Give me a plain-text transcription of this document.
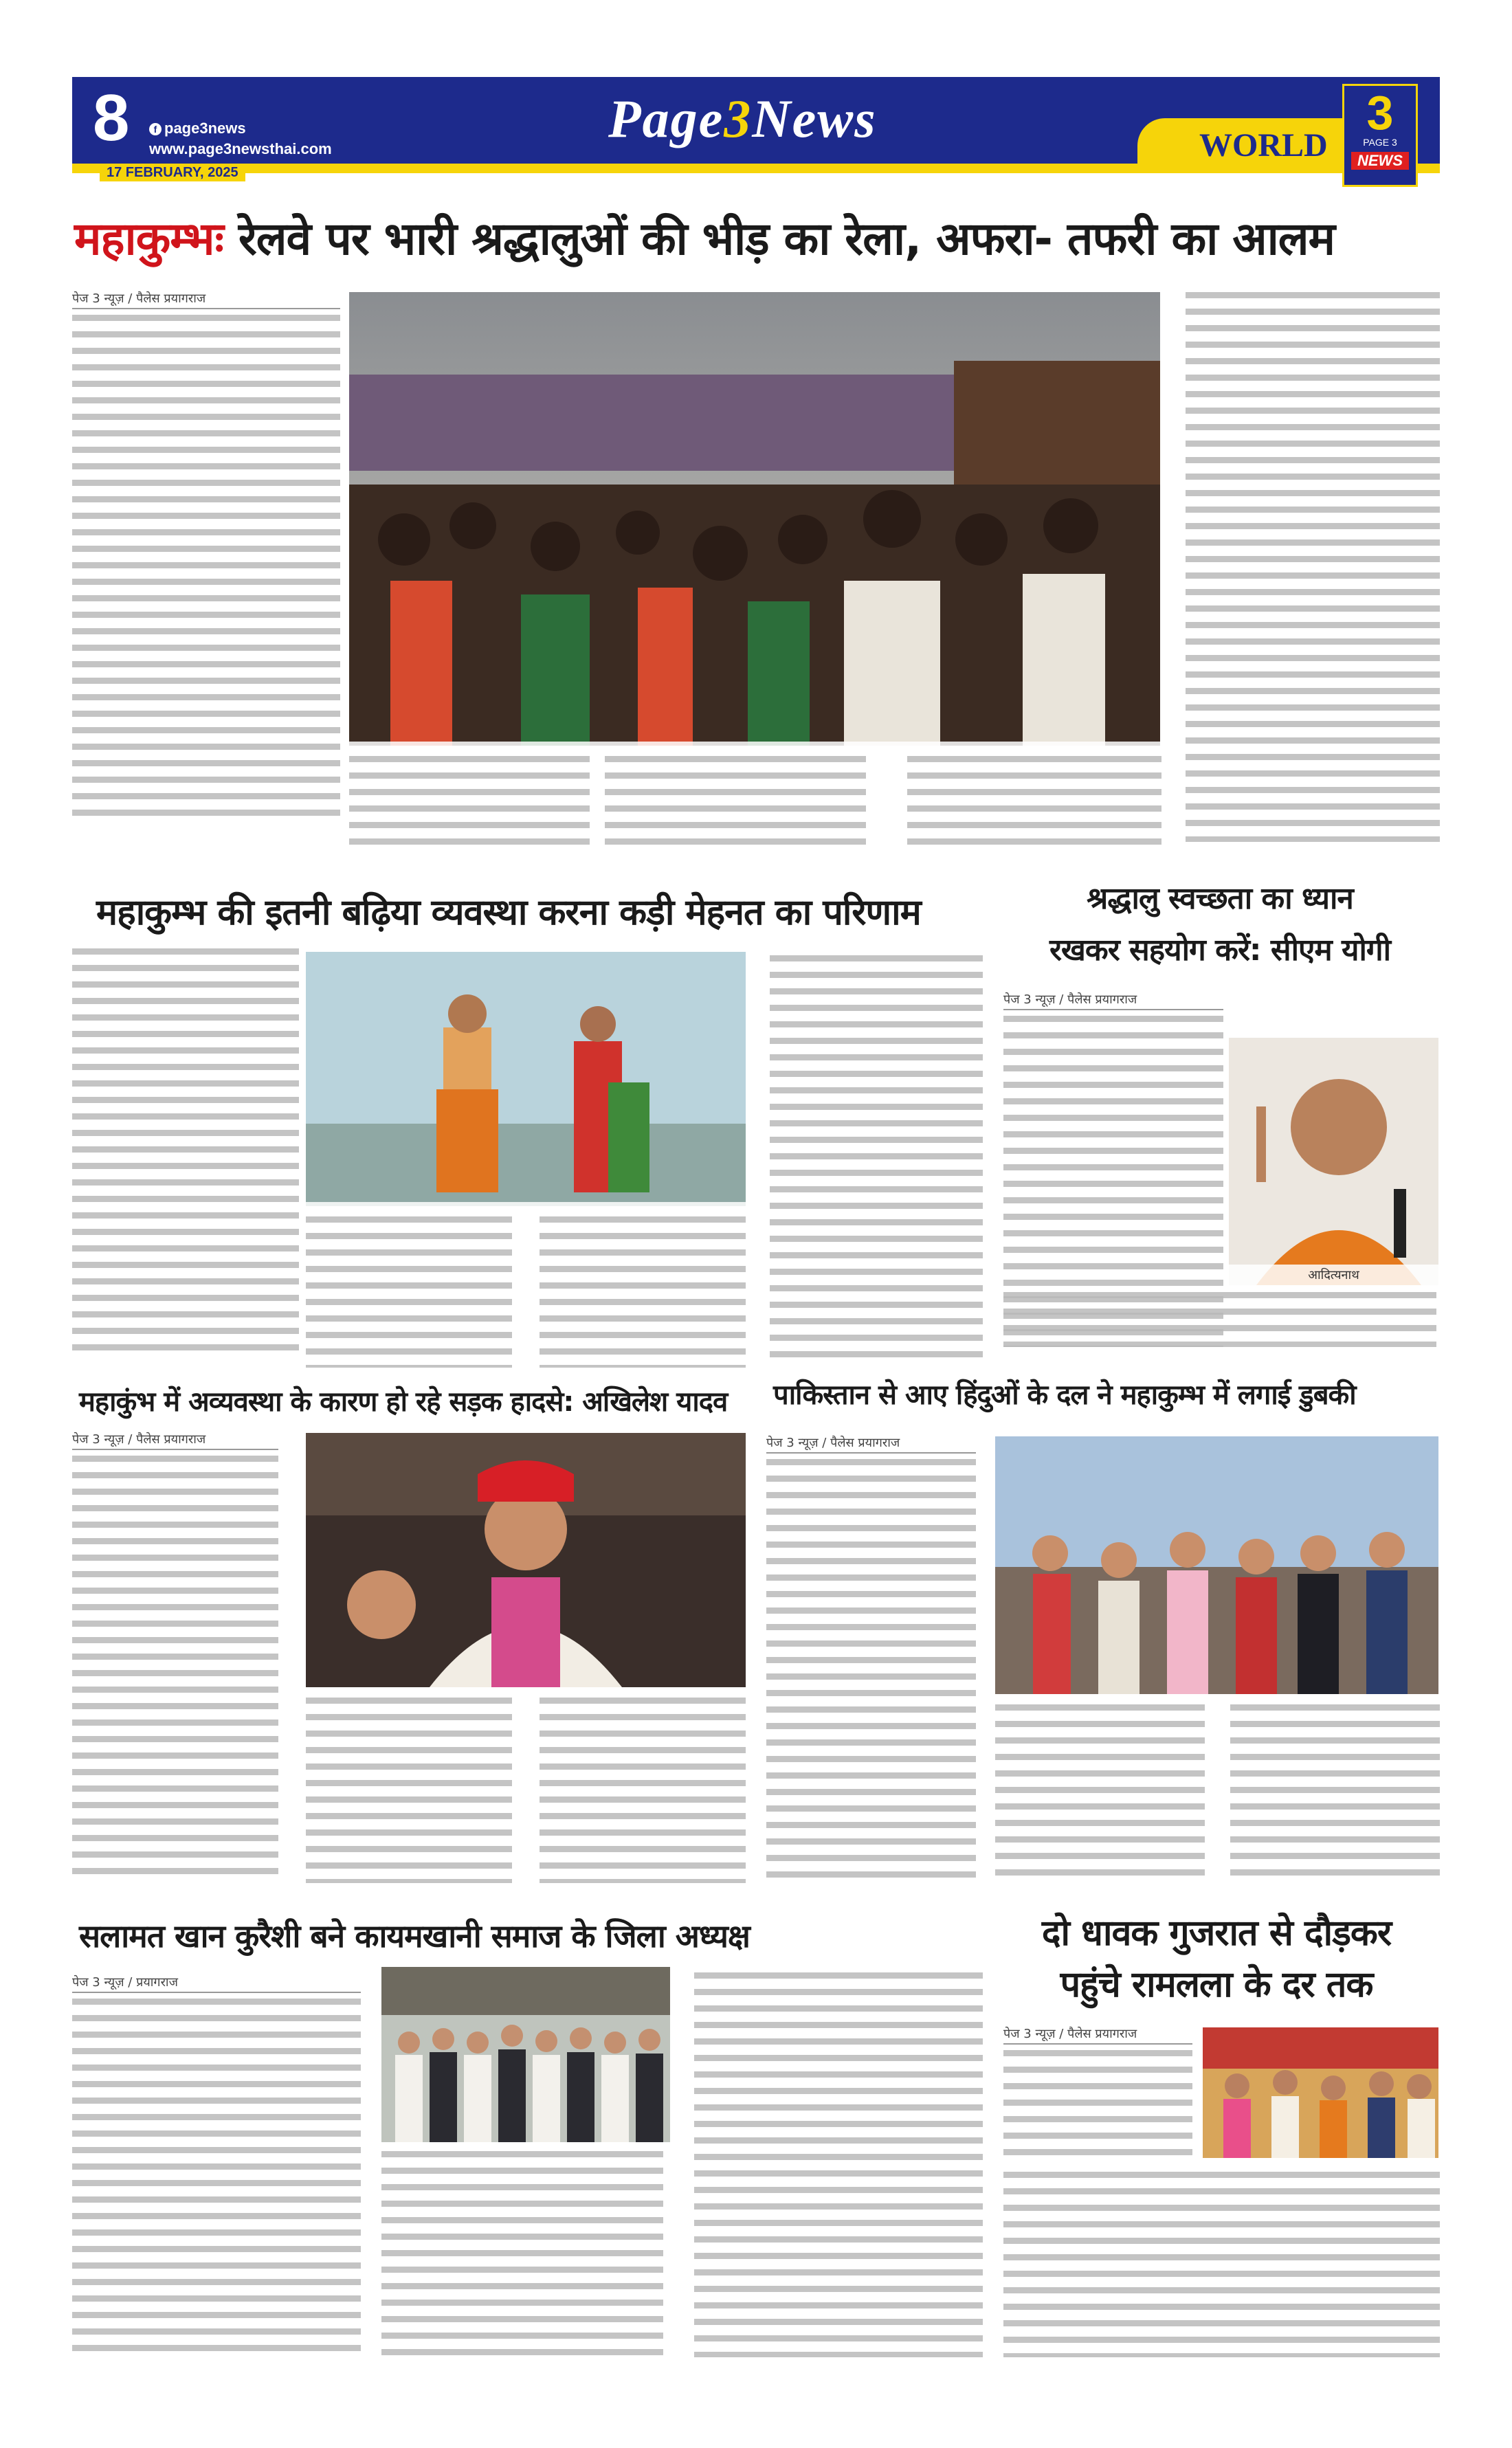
8	f page3news
www.page3newsthai.com
17 FEBRUARY, 2025
Page3News	WORLD
3
PAGE 3
NEWS
महाकुम्भः रेलवे पर भारी श्रद्धालुओं की भीड़ का रेला, अफरा- तफरी का आलम
पेज 3 न्यूज़ / पैलेस प्रयागराज
महाकुम्भ की इतनी बढ़िया व्यवस्था करना कड़ी मेहनत का परिणाम	श्रद्धालु स्वच्छता का ध्यान
रखकर सहयोग करें: सीएम योगी
पेज 3 न्यूज़ / पैलेस प्रयागराज
आदित्यनाथ
महाकुंभ में अव्यवस्था के कारण हो रहे सड़क हादसे: अखिलेश यादव
पेज 3 न्यूज़ / पैलेस प्रयागराज
पाकिस्तान से आए हिंदुओं के दल ने महाकुम्भ में लगाई डुबकी
पेज 3 न्यूज़ / पैलेस प्रयागराज
सलामत खान कुरैशी बने कायमखानी समाज के जिला अध्यक्ष
पेज 3 न्यूज़ / प्रयागराज
दो धावक गुजरात से दौड़कर
पहुंचे रामलला के दर तक
पेज 3 न्यूज़ / पैलेस प्रयागराज
